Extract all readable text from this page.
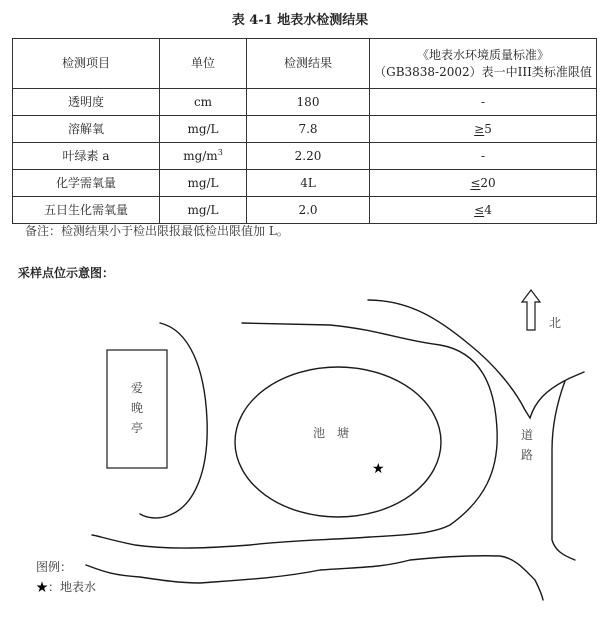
表 4-1 地表水检测结果
检测项目	单位	检测结果	《地表水环境质量标准》
（GB3838-2002）表一中III类标准限值

透明度	cm	180	-
溶解氧	mg/L	7.8	≥5
叶绿素 a	$mg/m^3$	2.20	-
化学需氧量	mg/L	4L	≤20
五日生化需氧量	mg/L	2.0	≤4
备注：检测结果小于检出限报最低检出限值加 L。
采样点位示意图：
爱
晚
亭	池　塘
★
道
路
北
图例：
★：地表水
